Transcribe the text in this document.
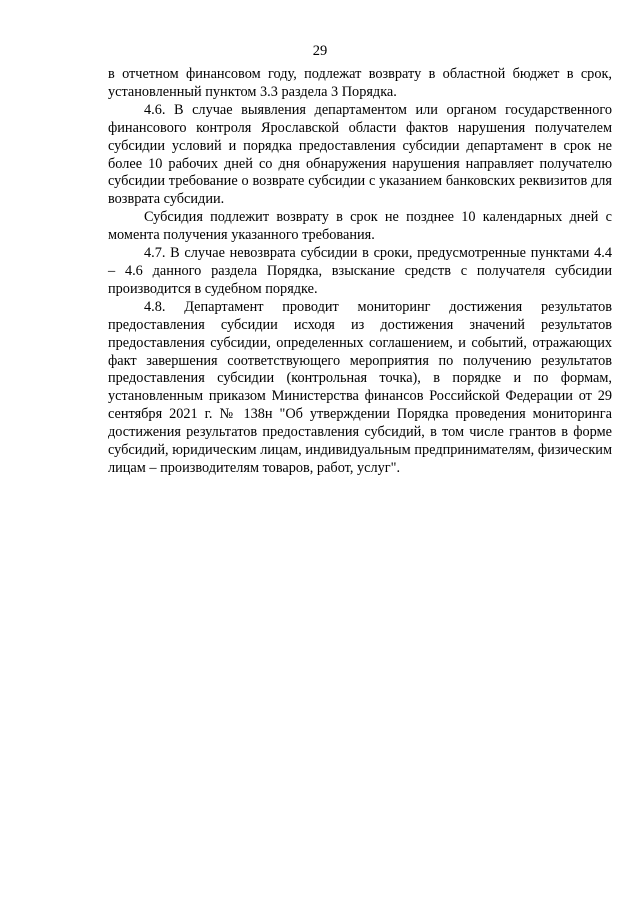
29

в отчетном финансовом году, подлежат возврату в областной бюджет в срок, установленный пунктом 3.3 раздела 3 Порядка.

4.6. В случае выявления департаментом или органом государственного финансового контроля Ярославской области фактов нарушения получателем субсидии условий и порядка предоставления субсидии департамент в срок не более 10 рабочих дней со дня обнаружения нарушения направляет получателю субсидии требование о возврате субсидии с указанием банковских реквизитов для возврата субсидии.

Субсидия подлежит возврату в срок не позднее 10 календарных дней с момента получения указанного требования.

4.7. В случае невозврата субсидии в сроки, предусмотренные пунктами 4.4 – 4.6 данного раздела Порядка, взыскание средств с получателя субсидии производится в судебном порядке.

4.8. Департамент проводит мониторинг достижения результатов предоставления субсидии исходя из достижения значений результатов предоставления субсидии, определенных соглашением, и событий, отражающих факт завершения соответствующего мероприятия по получению результатов предоставления субсидии (контрольная точка), в порядке и по формам, установленным приказом Министерства финансов Российской Федерации от 29 сентября 2021 г. № 138н "Об утверждении Порядка проведения мониторинга достижения результатов предоставления субсидий, в том числе грантов в форме субсидий, юридическим лицам, индивидуальным предпринимателям, физическим лицам – производителям товаров, работ, услуг".
